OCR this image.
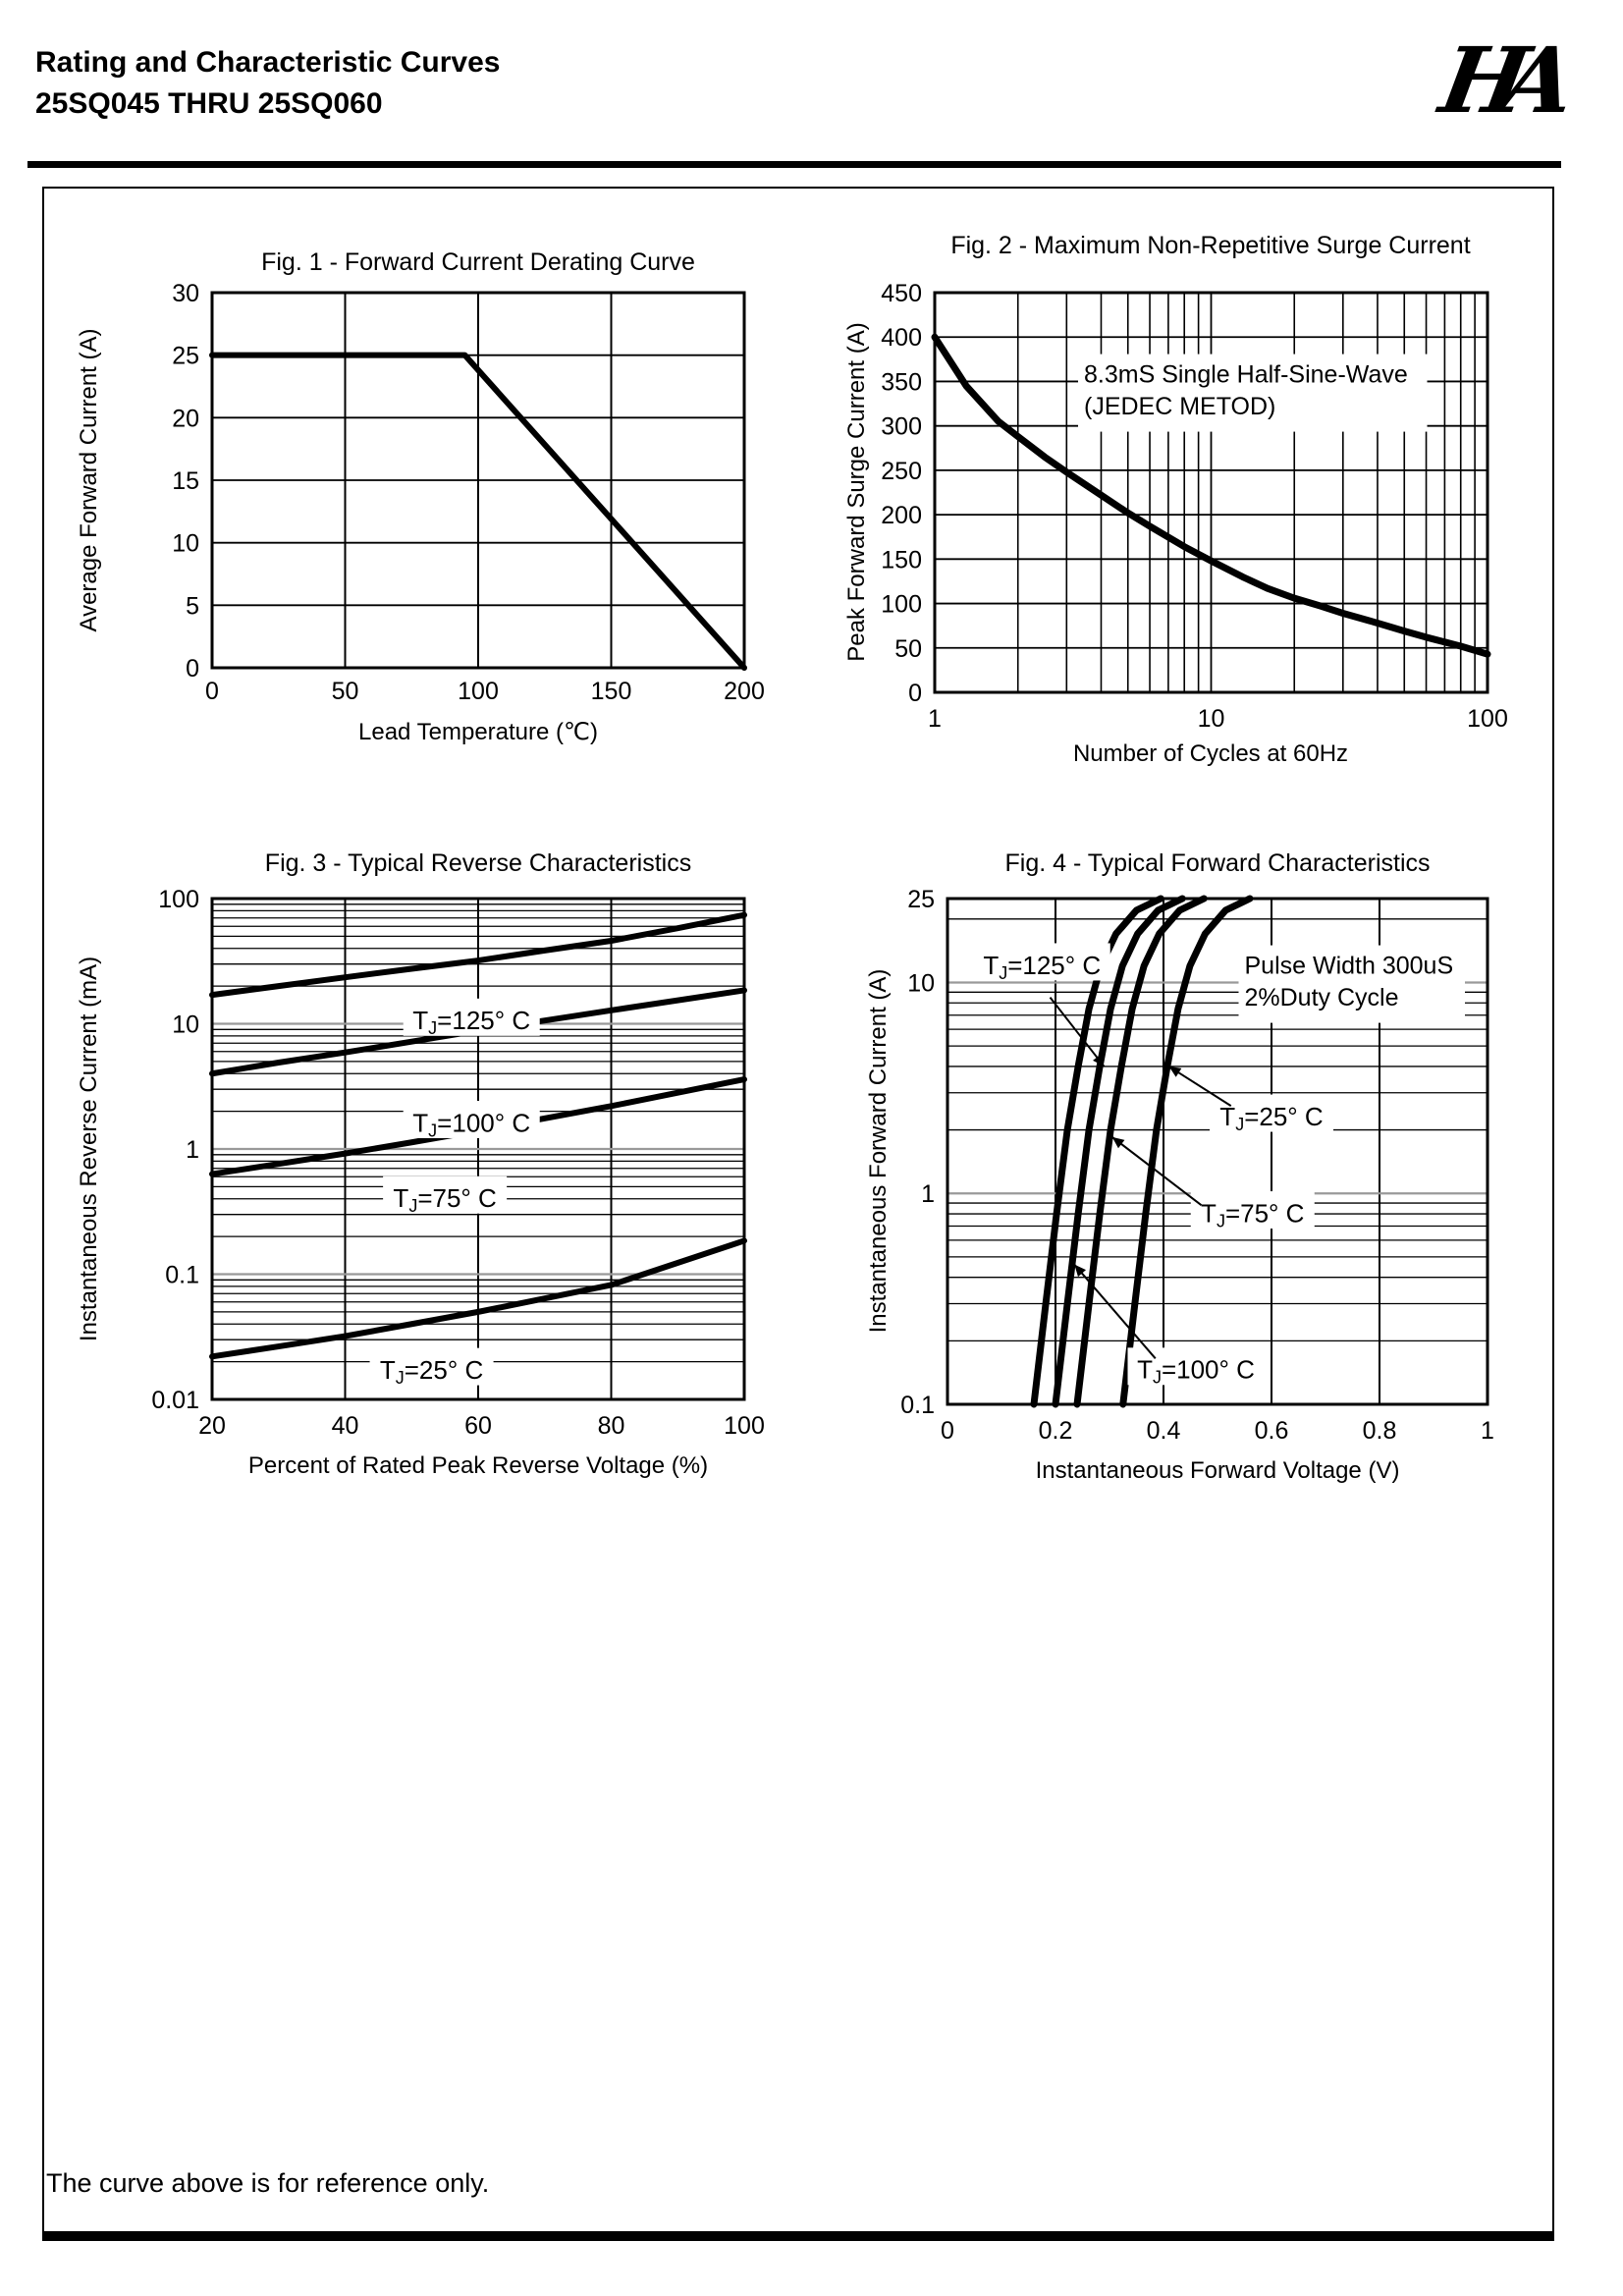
Rating and Characteristic Curves
25SQ045 THRU 25SQ060	HA
0	50	100	150	200
0
5
10
15
20
25
30
Fig. 1 - Forward Current Derating Curve
Lead Temperature (℃)
Average Forward Current (A)	8.3mS Single Half-Sine-Wave
(JEDEC METOD)
1	10	100
0
50
100
150
200
250
300
350
400
450
Fig. 2 - Maximum Non-Repetitive Surge Current
Number of Cycles at 60Hz
Peak Forward Surge Current (A)
TJ=125° C
TJ=100° C
TJ=75° C
TJ=25° C
20	40	60	80	100
100
10
1
0.1
0.01
Fig. 3 - Typical Reverse Characteristics
Percent of Rated Peak Reverse Voltage (%)
Instantaneous Reverse Current (mA)	Pulse Width 300uS
2%Duty Cycle
TJ=125° C
TJ=25° C
TJ=75° C
TJ=100° C
0	0.2	0.4	0.6	0.8	1
25
10
1
0.1
Fig. 4 - Typical Forward Characteristics
Instantaneous Forward Voltage (V)
Instantaneous Forward Current (A)
The curve above is for reference only.
